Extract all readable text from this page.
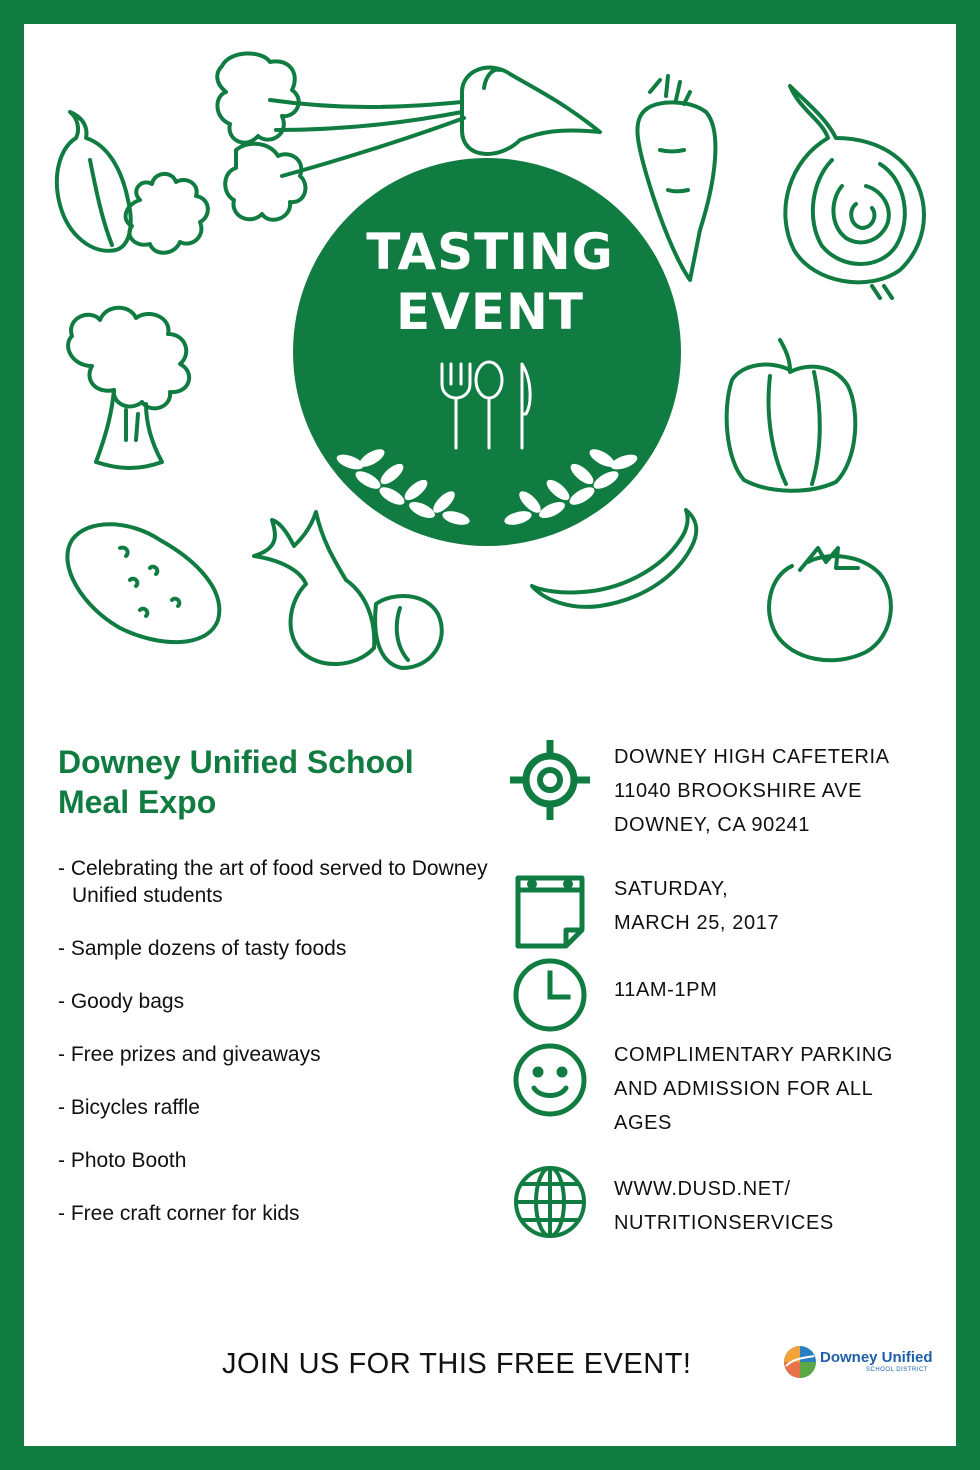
TASTING
EVENT
Downey Unified School Meal Expo
- Celebrating the art of food served to Downey Unified students
- Sample dozens of tasty foods
- Goody bags
- Free prizes and giveaways
- Bicycles raffle
- Photo Booth
- Free craft corner for kids
DOWNEY HIGH CAFETERIA
11040 BROOKSHIRE AVE
DOWNEY, CA 90241
SATURDAY,
MARCH 25, 2017
11AM-1PM
COMPLIMENTARY PARKING AND ADMISSION FOR ALL AGES
WWW.DUSD.NET/
NUTRITIONSERVICES
JOIN US FOR THIS FREE EVENT!	Downey Unified
SCHOOL DISTRICT
